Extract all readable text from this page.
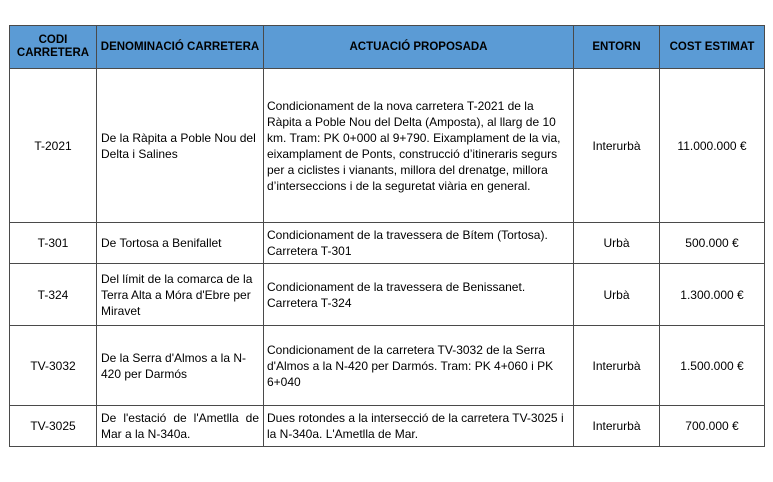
CODI CARRETERA	DENOMINACIÓ CARRETERA	ACTUACIÓ PROPOSADA	ENTORN	COST ESTIMAT
T-2021	De la Ràpita a Poble Nou del Delta i Salines	Condicionament de la nova carretera T-2021 de la Ràpita a Poble Nou del Delta (Amposta), al llarg de 10 km. Tram: PK 0+000 al 9+790. Eixamplament de la via, eixamplament de Ponts, construcció d’itineraris segurs per a ciclistes i vianants, millora del drenatge, millora d’interseccions i de la seguretat viària en general.	Interurbà	11.000.000 €
T-301	De Tortosa a Benifallet	Condicionament de la travessera de Bítem (Tortosa). Carretera T-301	Urbà	500.000 €
T-324	Del límit de la comarca de la Terra Alta a Móra d'Ebre per Miravet	Condicionament de la travessera de Benissanet. Carretera T-324	Urbà	1.300.000 €
TV-3032	De la Serra d'Almos a la N-420 per Darmós	Condicionament de la carretera TV-3032 de la Serra d'Almos a la N-420 per Darmós. Tram: PK 4+060 i PK 6+040	Interurbà	1.500.000 €
TV-3025	De l'estació de l'Ametlla de Mar a la N-340a.	Dues rotondes a la intersecció de la carretera TV-3025 i la N-340a. L'Ametlla de Mar.	Interurbà	700.000 €
